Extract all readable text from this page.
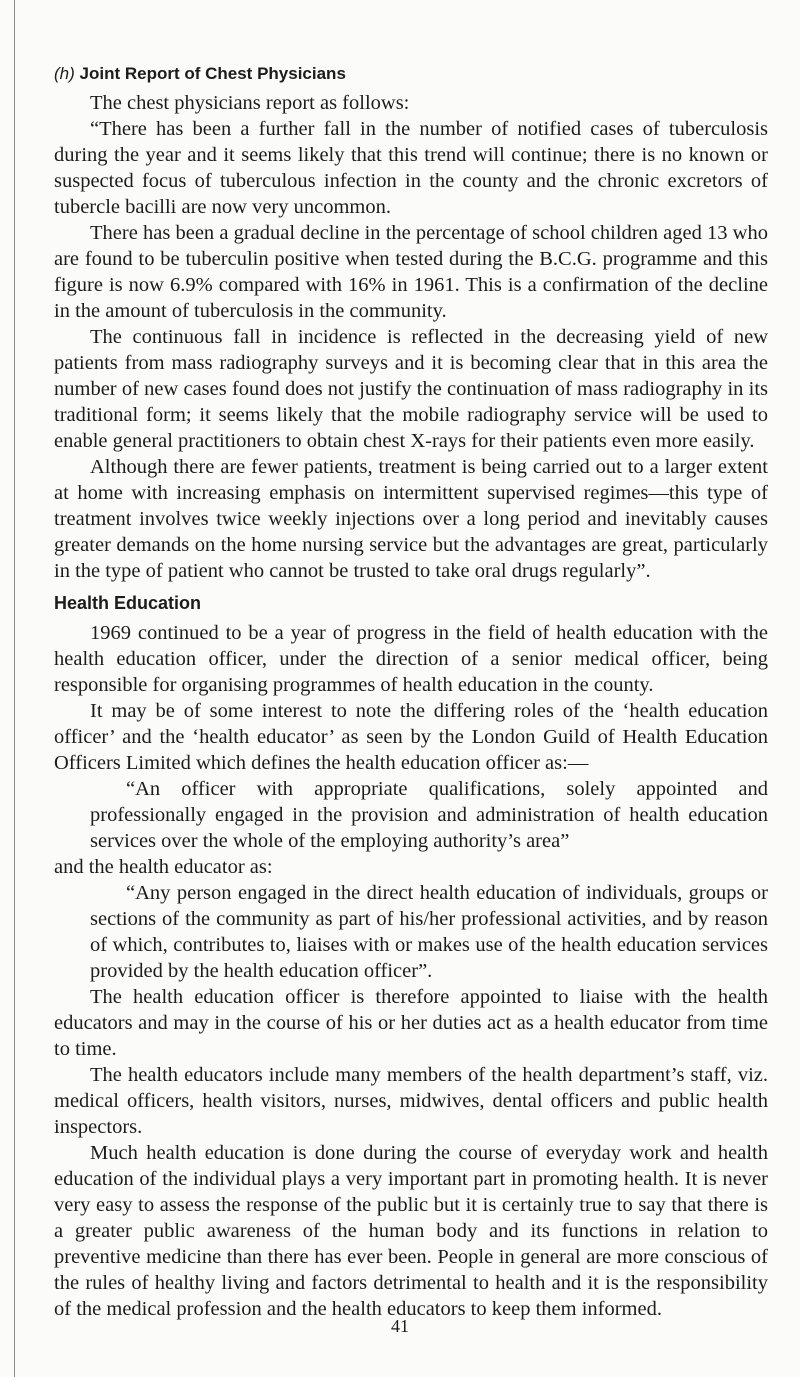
(h) Joint Report of Chest Physicians

The chest physicians report as follows:

“There has been a further fall in the number of notified cases of tuberculosis during the year and it seems likely that this trend will continue; there is no known or suspected focus of tuberculous infection in the county and the chronic excretors of tubercle bacilli are now very uncommon.

There has been a gradual decline in the percentage of school children aged 13 who are found to be tuberculin positive when tested during the B.C.G. programme and this figure is now 6.9% compared with 16% in 1961. This is a confirmation of the decline in the amount of tuberculosis in the community.

The continuous fall in incidence is reflected in the decreasing yield of new patients from mass radiography surveys and it is becoming clear that in this area the number of new cases found does not justify the continuation of mass radiography in its traditional form; it seems likely that the mobile radiography service will be used to enable general practitioners to obtain chest X-rays for their patients even more easily.

Although there are fewer patients, treatment is being carried out to a larger extent at home with increasing emphasis on intermittent supervised regimes—this type of treatment involves twice weekly injections over a long period and inevitably causes greater demands on the home nursing service but the advantages are great, particularly in the type of patient who cannot be trusted to take oral drugs regularly”.

Health Education

1969 continued to be a year of progress in the field of health education with the health education officer, under the direction of a senior medical officer, being responsible for organising programmes of health education in the county.

It may be of some interest to note the differing roles of the ‘health education officer’ and the ‘health educator’ as seen by the London Guild of Health Education Officers Limited which defines the health education officer as:—

“An officer with appropriate qualifications, solely appointed and professionally engaged in the provision and administration of health education services over the whole of the employing authority’s area”

and the health educator as:

“Any person engaged in the direct health education of individuals, groups or sections of the community as part of his/her professional activities, and by reason of which, contributes to, liaises with or makes use of the health education services provided by the health education officer”.

The health education officer is therefore appointed to liaise with the health educators and may in the course of his or her duties act as a health educator from time to time.

The health educators include many members of the health department’s staff, viz. medical officers, health visitors, nurses, midwives, dental officers and public health inspectors.

Much health education is done during the course of everyday work and health education of the individual plays a very important part in promoting health. It is never very easy to assess the response of the public but it is certainly true to say that there is a greater public awareness of the human body and its functions in relation to preventive medicine than there has ever been. People in general are more conscious of the rules of healthy living and factors detrimental to health and it is the responsibility of the medical profession and the health educators to keep them informed.

41
